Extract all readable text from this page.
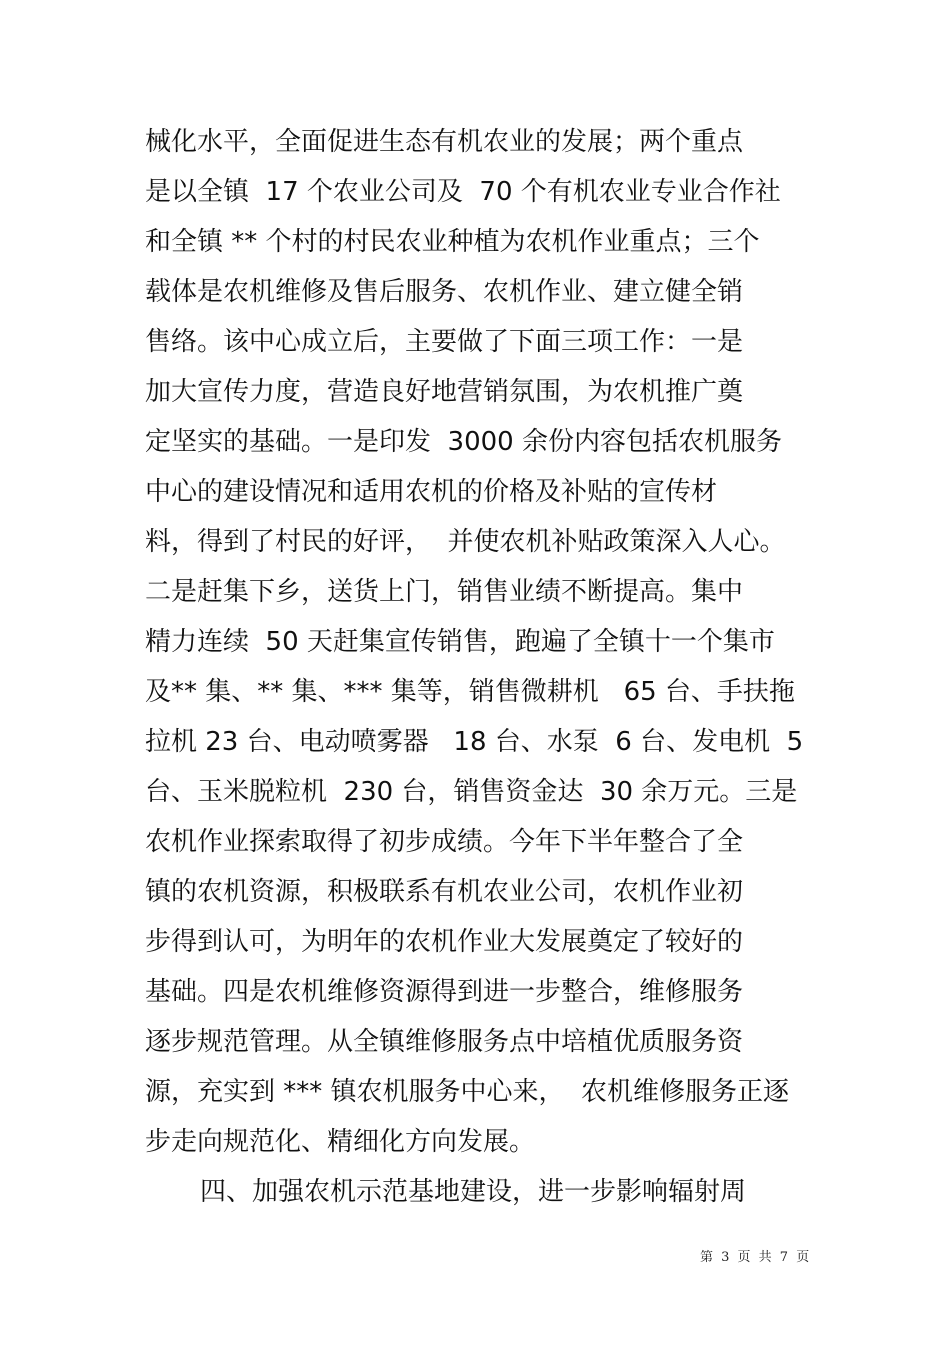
械化水平，全面促进生态有机农业的发展；两个重点
是以全镇  17 个农业公司及  70 个有机农业专业合作社
和全镇 ** 个村的村民农业种植为农机作业重点；三个
载体是农机维修及售后服务、农机作业、建立健全销
售络。该中心成立后，主要做了下面三项工作：一是
加大宣传力度，营造良好地营销氛围，为农机推广奠
定坚实的基础。一是印发  3000 余份内容包括农机服务
中心的建设情况和适用农机的价格及补贴的宣传材
料，得到了村民的好评，  并使农机补贴政策深入人心。
二是赶集下乡，送货上门，销售业绩不断提高。集中
精力连续  50 天赶集宣传销售，跑遍了全镇十一个集市
及** 集、** 集、*** 集等，销售微耕机   65 台、手扶拖
拉机 23 台、电动喷雾器   18 台、水泵  6 台、发电机  5
台、玉米脱粒机  230 台，销售资金达  30 余万元。三是
农机作业探索取得了初步成绩。今年下半年整合了全
镇的农机资源，积极联系有机农业公司，农机作业初
步得到认可，为明年的农机作业大发展奠定了较好的
基础。四是农机维修资源得到进一步整合，维修服务
逐步规范管理。从全镇维修服务点中培植优质服务资
源，充实到 *** 镇农机服务中心来，  农机维修服务正逐
步走向规范化、精细化方向发展。
四、加强农机示范基地建设，进一步影响辐射周
第 3 页 共 7 页
